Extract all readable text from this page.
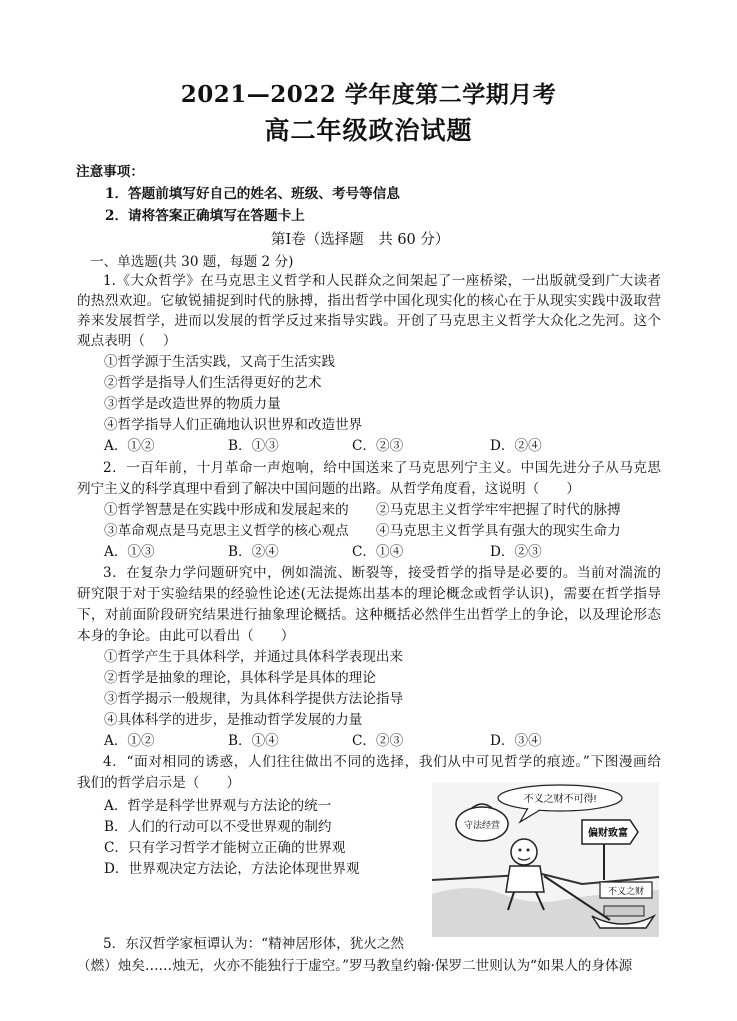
2021—2022 学年度第二学期月考
高二年级政治试题
注意事项：
1．答题前填写好自己的姓名、班级、考号等信息
2．请将答案正确填写在答题卡上
第Ⅰ卷（选择题　共 60 分）
一、单选题(共 30 题，每题 2 分)
1.《大众哲学》在马克思主义哲学和人民群众之间架起了一座桥梁，一出版就受到广大读者
的热烈欢迎。它敏锐捕捉到时代的脉搏，指出哲学中国化现实化的核心在于从现实实践中汲取营
养来发展哲学，进而以发展的哲学反过来指导实践。开创了马克思主义哲学大众化之先河。这个
观点表明（　 ）
①哲学源于生活实践，又高于生活实践
②哲学是指导人们生活得更好的艺术
③哲学是改造世界的物质力量
④哲学指导人们正确地认识世界和改造世界
A．①②	B．①③	C．②③	D．②④
2．一百年前，十月革命一声炮响，给中国送来了马克思列宁主义。中国先进分子从马克思
列宁主义的科学真理中看到了解决中国问题的出路。从哲学角度看，这说明（　　）
①哲学智慧是在实践中形成和发展起来的 ②马克思主义哲学牢牢把握了时代的脉搏
③革命观点是马克思主义哲学的核心观点 ④马克思主义哲学具有强大的现实生命力
A．①③	B．②④	C．①④	D．②③
3．在复杂力学问题研究中，例如湍流、断裂等，接受哲学的指导是必要的。当前对湍流的
研究限于对于实验结果的经验性论述(无法提炼出基本的理论概念或哲学认识)，需要在哲学指导
下，对前面阶段研究结果进行抽象理论概括。这种概括必然伴生出哲学上的争论，以及理论形态
本身的争论。由此可以看出（　　）
①哲学产生于具体科学，并通过具体科学表现出来
②哲学是抽象的理论，具体科学是具体的理论
③哲学揭示一般规律，为具体科学提供方法论指导
④具体科学的进步，是推动哲学发展的力量
A．①②	B．①④	C．②③	D．③④
4．“面对相同的诱惑，人们往往做出不同的选择，我们从中可见哲学的痕迹。”下图漫画给
我们的哲学启示是（　　）
A．哲学是科学世界观与方法论的统一
B．人们的行动可以不受世界观的制约
C．只有学习哲学才能树立正确的世界观
D．世界观决定方法论，方法论体现世界观
不义之财不可得!
守法经营
偏财致富
不义之财
5．东汉哲学家桓谭认为：“精神居形体，犹火之然
（燃）烛矣……烛无，火亦不能独行于虚空。”罗马教皇约翰·保罗二世则认为“如果人的身体源
